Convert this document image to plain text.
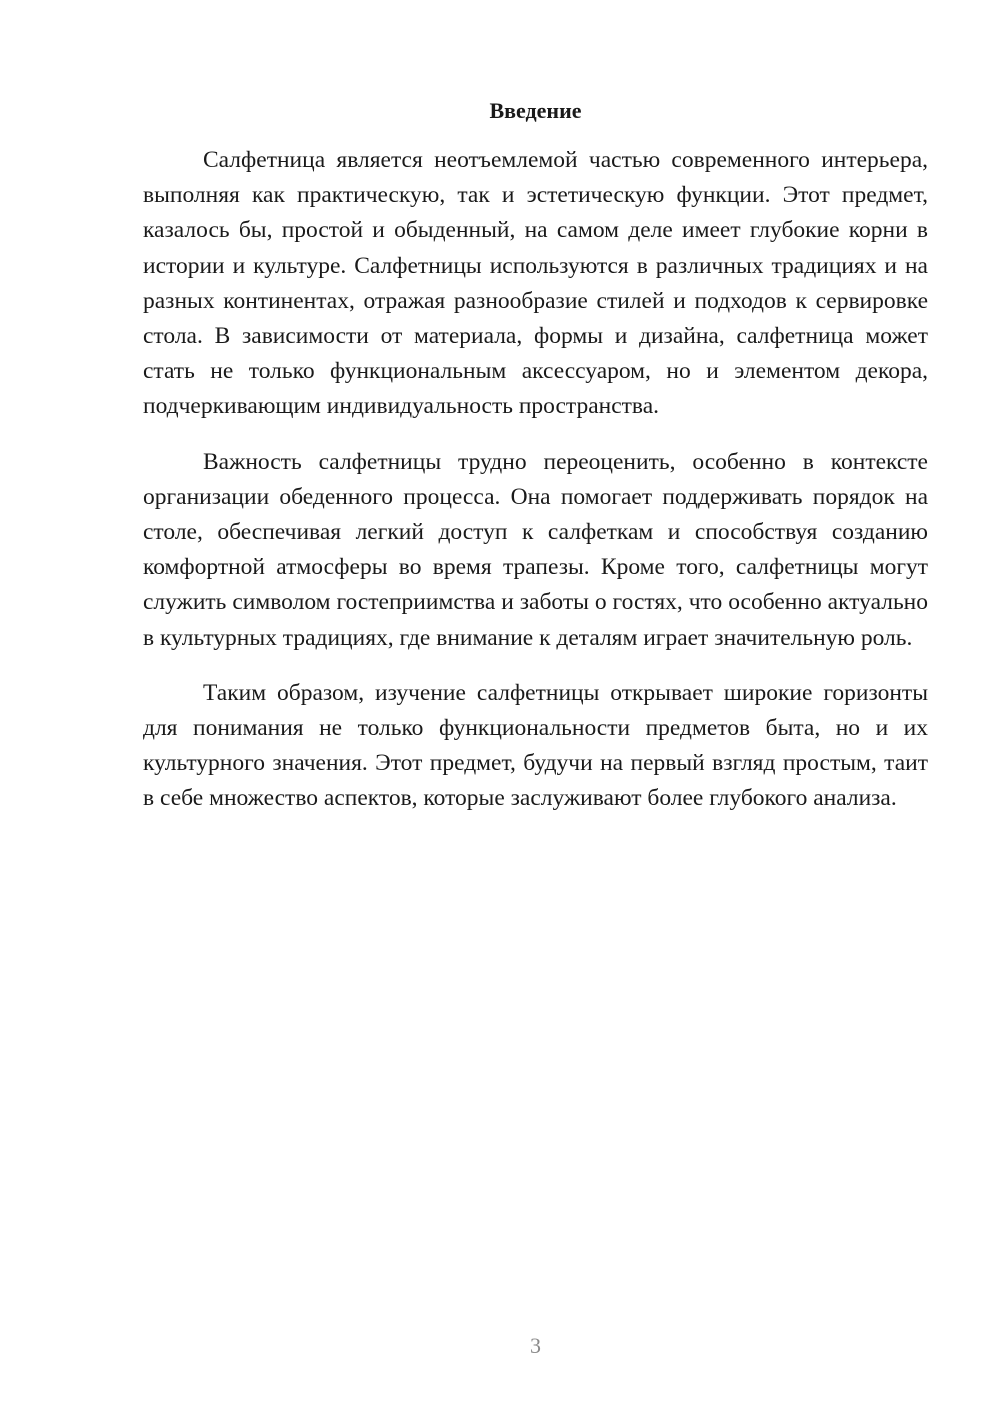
Введение

Салфетница является неотъемлемой частью современного интерьера, выполняя как практическую, так и эстетическую функции. Этот предмет, казалось бы, простой и обыденный, на самом деле имеет глубокие корни в истории и культуре. Салфетницы используются в различных традициях и на разных континентах, отражая разнообразие стилей и подходов к сервировке стола. В зависимости от материала, формы и дизайна, салфетница может стать не только функциональным аксессуаром, но и элементом декора, подчеркивающим индивидуальность пространства.

Важность салфетницы трудно переоценить, особенно в контексте организации обеденного процесса. Она помогает поддерживать порядок на столе, обеспечивая легкий доступ к салфеткам и способствуя созданию комфортной атмосферы во время трапезы. Кроме того, салфетницы могут служить символом гостеприимства и заботы о гостях, что особенно актуально в культурных традициях, где внимание к деталям играет значительную роль.

Таким образом, изучение салфетницы открывает широкие горизонты для понимания не только функциональности предметов быта, но и их культурного значения. Этот предмет, будучи на первый взгляд простым, таит в себе множество аспектов, которые заслуживают более глубокого анализа.

3
